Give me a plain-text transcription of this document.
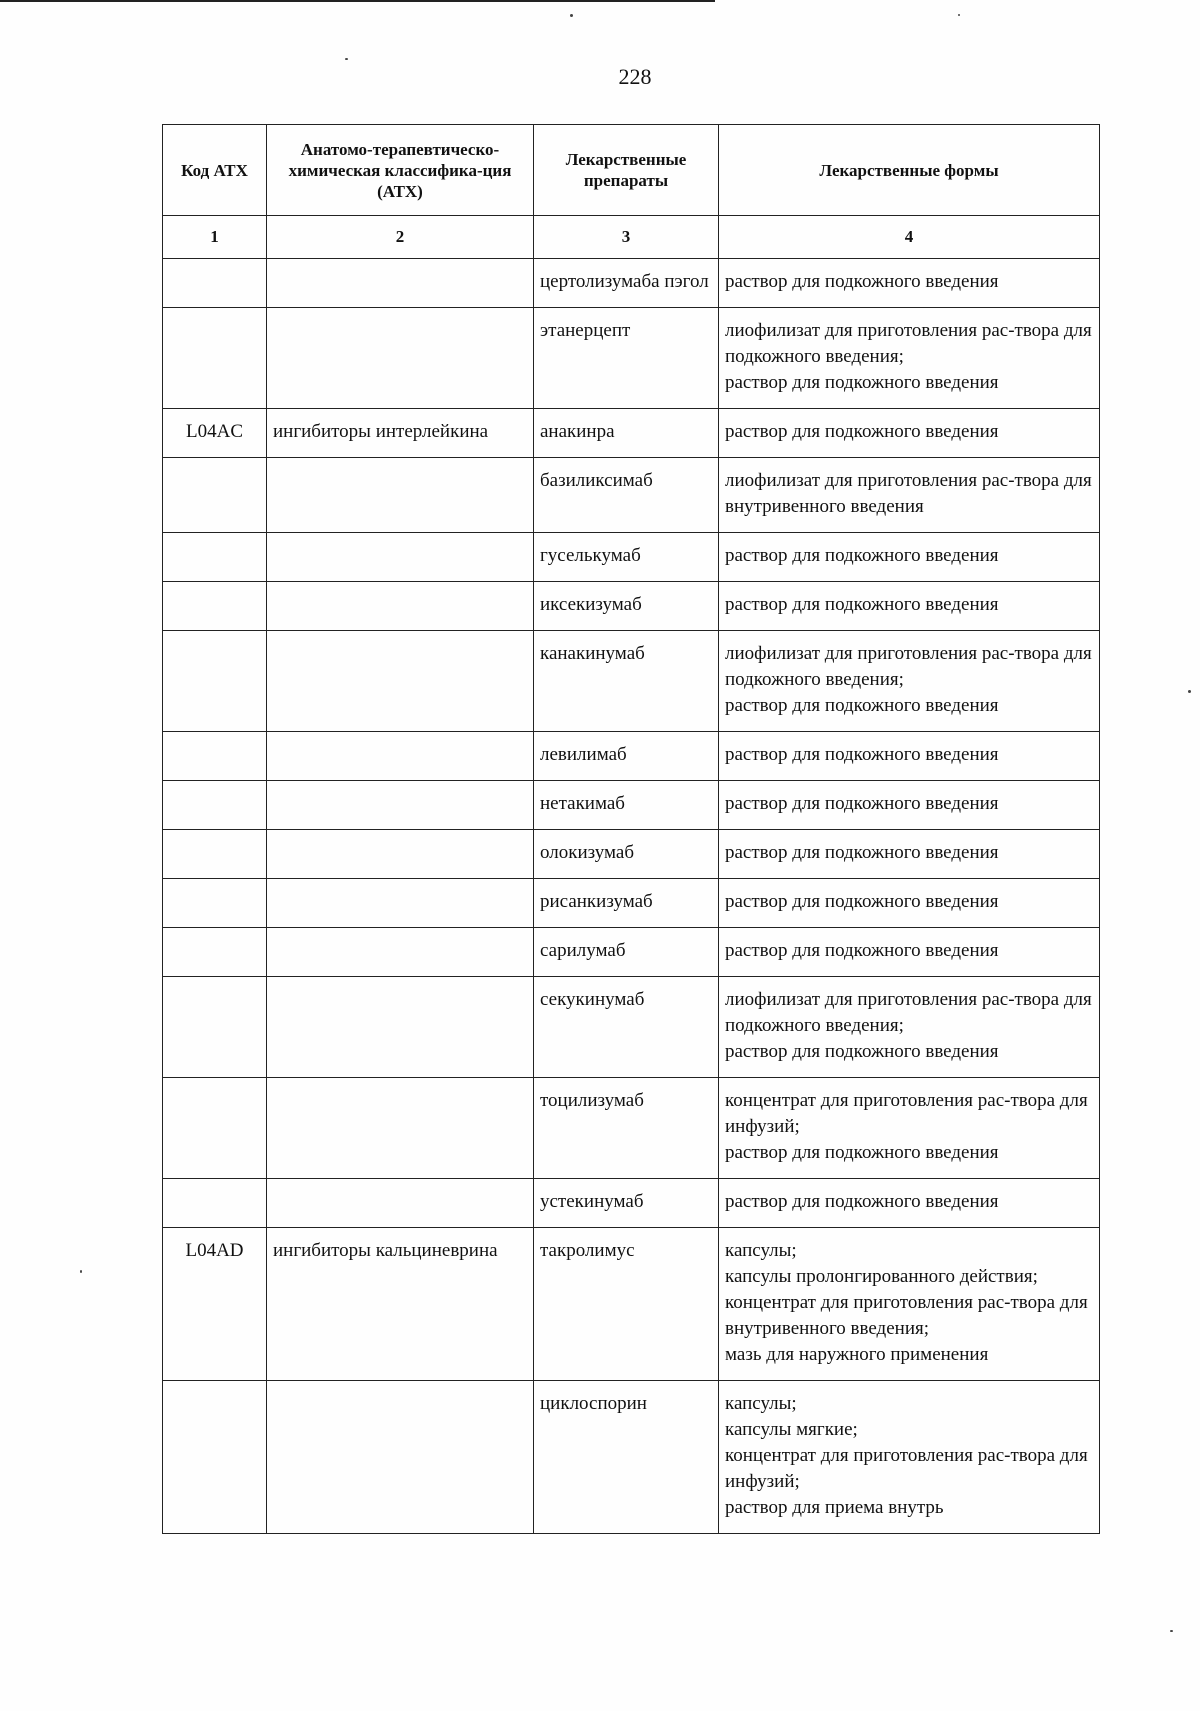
228
Код АТХ	Анатомо-терапевтическо-химическая классифика-ция (АТХ)	Лекарственные препараты	Лекарственные формы
1	2	3	4
		цертолизумаба пэгол	раствор для подкожного введения

		этанерцепт	лиофилизат для приготовления рас-твора для подкожного введения;
раствор для подкожного введения

L04AC	ингибиторы интерлейкина	анакинра	раствор для подкожного введения

		базиликсимаб	лиофилизат для приготовления рас-твора для внутривенного введения

		гуселькумаб	раствор для подкожного введения

		иксекизумаб	раствор для подкожного введения

		канакинумаб	лиофилизат для приготовления рас-твора для подкожного введения;
раствор для подкожного введения

		левилимаб	раствор для подкожного введения

		нетакимаб	раствор для подкожного введения

		олокизумаб	раствор для подкожного введения

		рисанкизумаб	раствор для подкожного введения

		сарилумаб	раствор для подкожного введения

		секукинумаб	лиофилизат для приготовления рас-твора для подкожного введения;
раствор для подкожного введения

		тоцилизумаб	концентрат для приготовления рас-твора для инфузий;
раствор для подкожного введения

		устекинумаб	раствор для подкожного введения

L04AD	ингибиторы кальциневрина	такролимус	капсулы;
капсулы пролонгированного действия;
концентрат для приготовления рас-твора для внутривенного введения;
мазь для наружного применения

		циклоспорин	капсулы;
капсулы мягкие;
концентрат для приготовления рас-твора для инфузий;
раствор для приема внутрь
